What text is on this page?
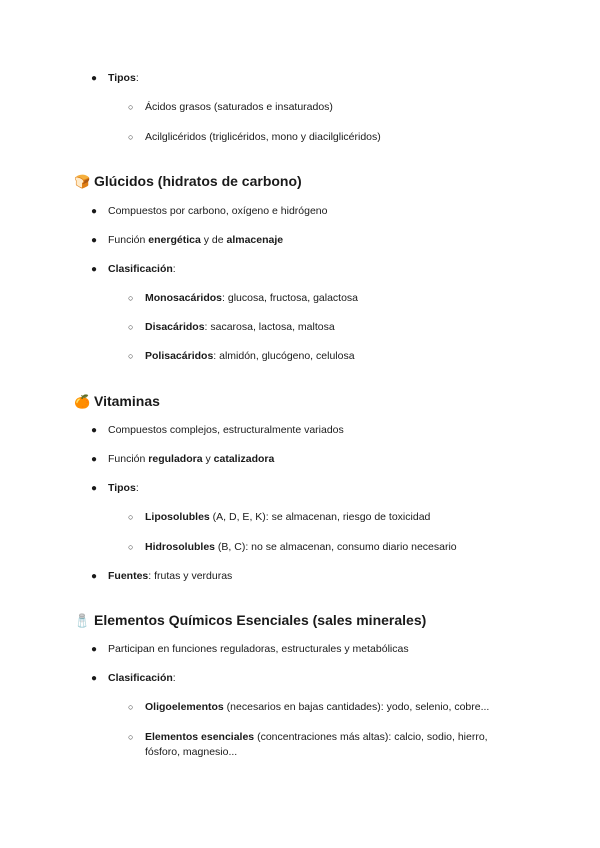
● Tipos:
○ Ácidos grasos (saturados e insaturados)
○ Acilglicéridos (triglicéridos, mono y diacilglicéridos)
🍞 Glúcidos (hidratos de carbono)
● Compuestos por carbono, oxígeno e hidrógeno
● Función energética y de almacenaje
● Clasificación:
○ Monosacáridos: glucosa, fructosa, galactosa
○ Disacáridos: sacarosa, lactosa, maltosa
○ Polisacáridos: almidón, glucógeno, celulosa
🍊 Vitaminas
● Compuestos complejos, estructuralmente variados
● Función reguladora y catalizadora
● Tipos:
○ Liposolubles (A, D, E, K): se almacenan, riesgo de toxicidad
○ Hidrosolubles (B, C): no se almacenan, consumo diario necesario
● Fuentes: frutas y verduras
🧂 Elementos Químicos Esenciales (sales minerales)
● Participan en funciones reguladoras, estructurales y metabólicas
● Clasificación:
○ Oligoelementos (necesarios en bajas cantidades): yodo, selenio, cobre...
○ Elementos esenciales (concentraciones más altas): calcio, sodio, hierro,
fósforo, magnesio...
